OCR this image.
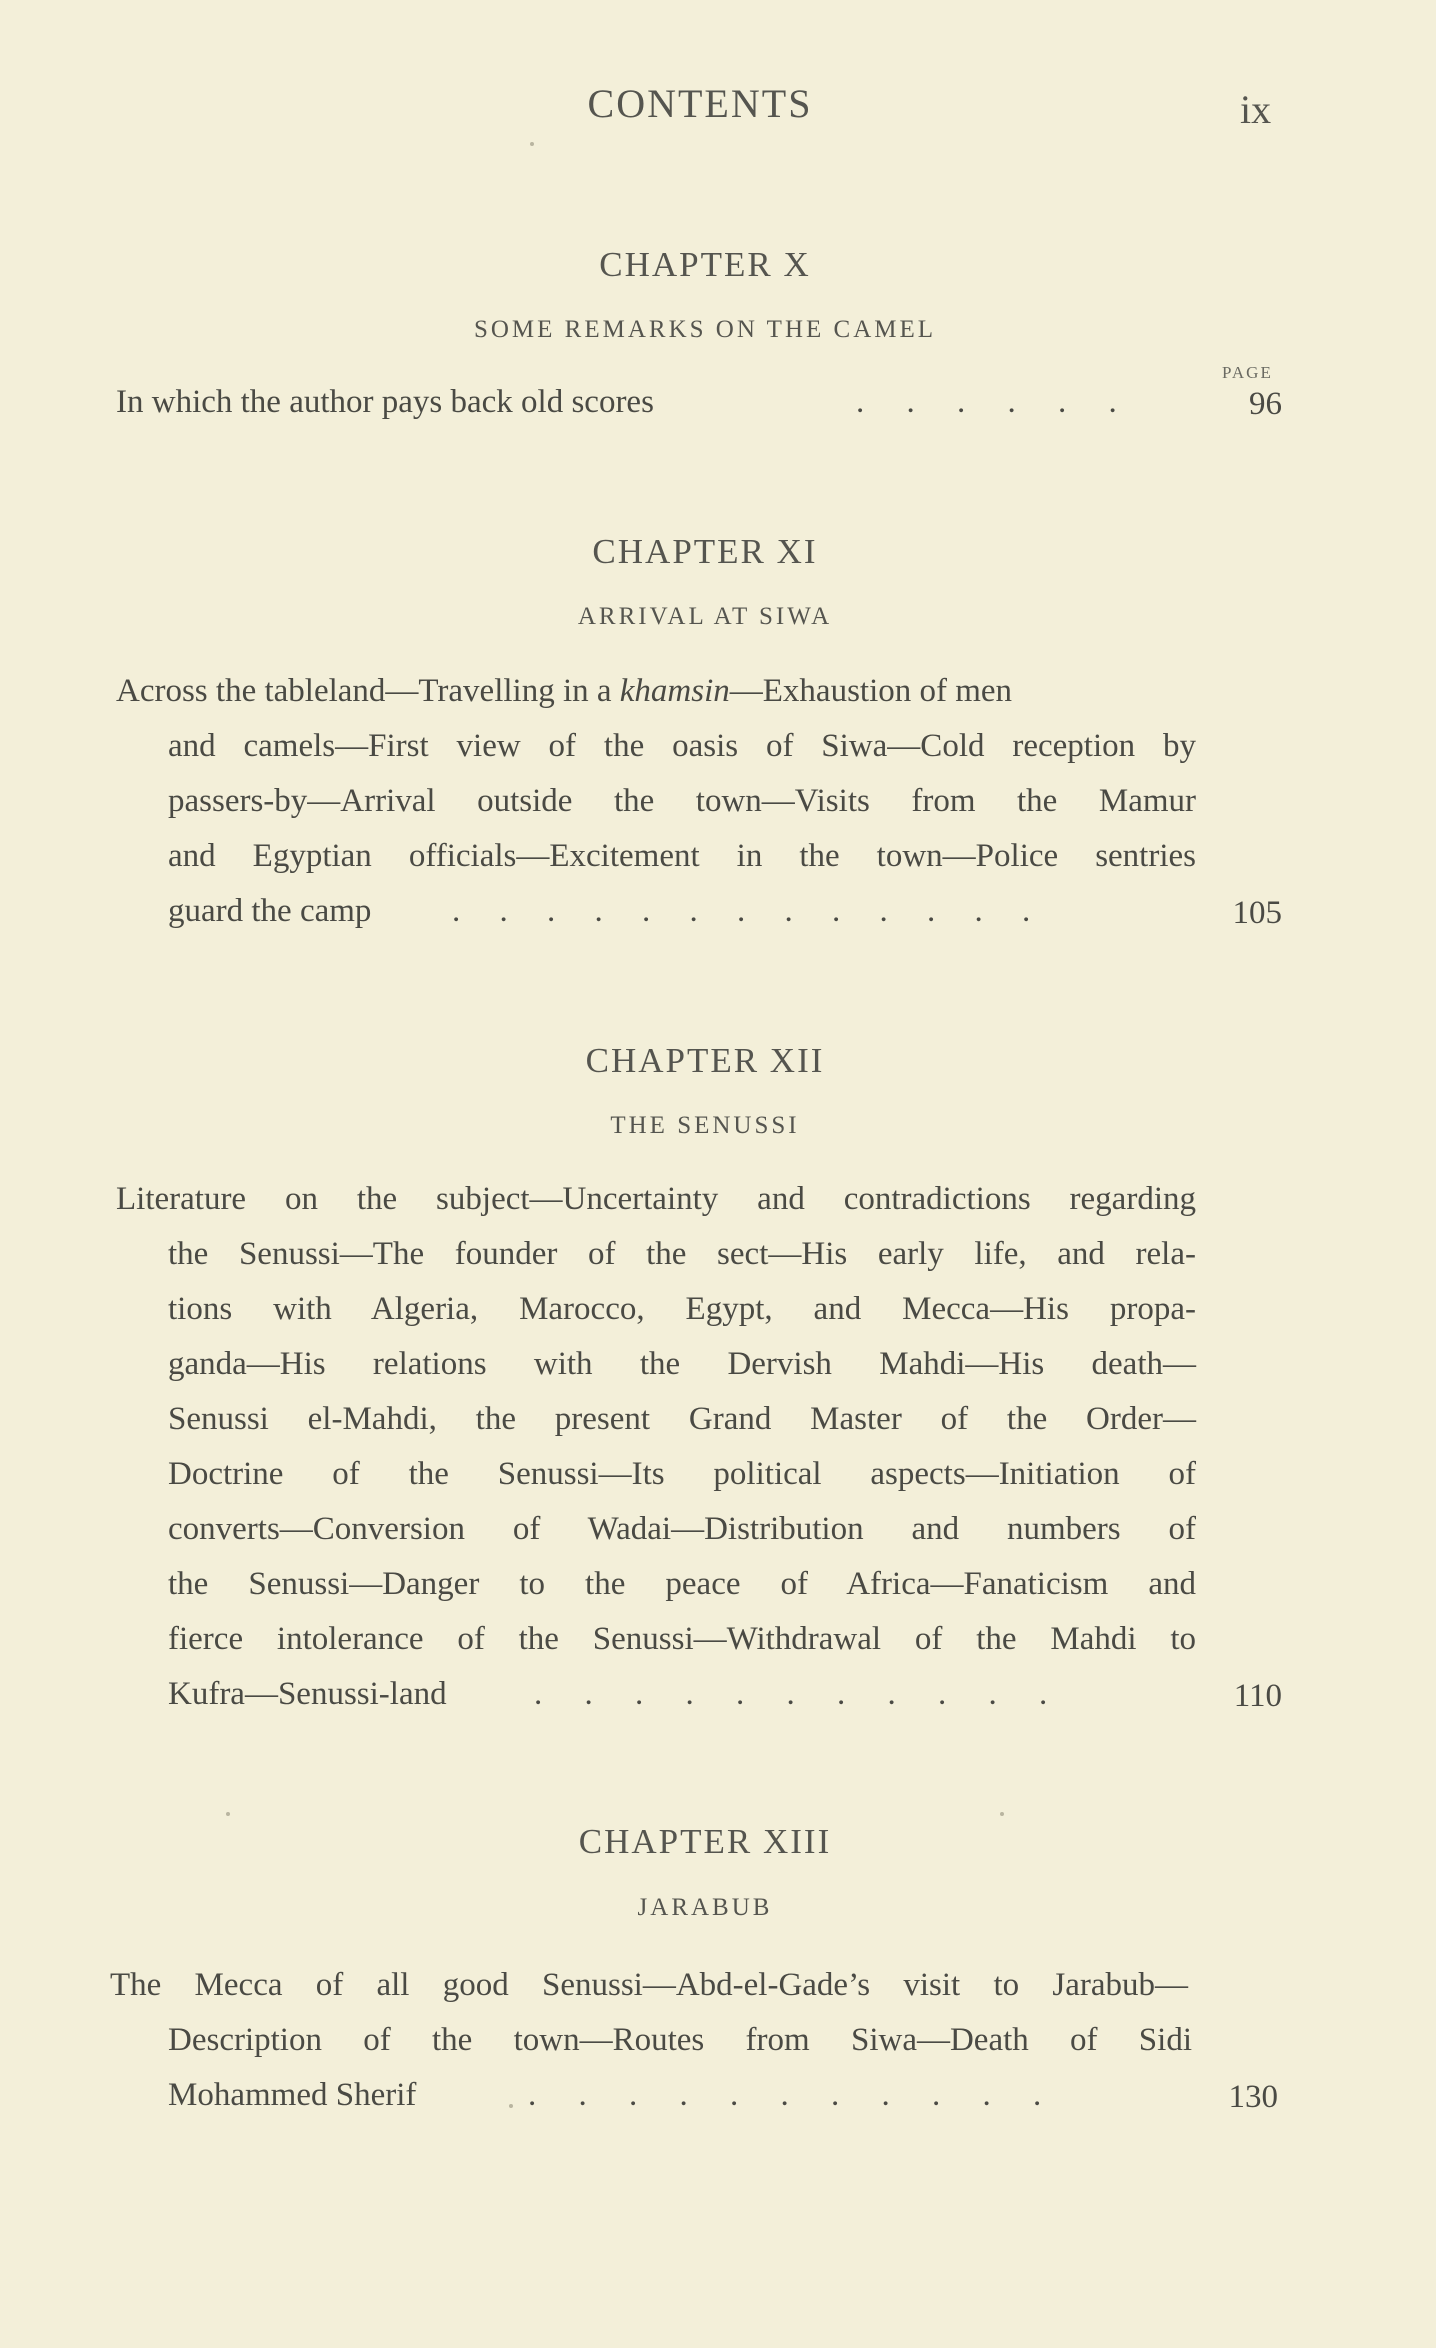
CONTENTS	ix
CHAPTER X
SOME REMARKS ON THE CAMEL
PAGE
In which the author pays back old scores	. . . . . .	96
CHAPTER XI
ARRIVAL AT SIWA
Across the tableland—Travelling in a khamsin—Exhaustion of men
and camels—First view of the oasis of Siwa—Cold reception by
passers-by—Arrival outside the town—Visits from the Mamur
and Egyptian officials—Excitement in the town—Police sentries
guard the camp . . . . . . . . . . . . .	105
CHAPTER XII
THE SENUSSI
Literature on the subject—Uncertainty and contradictions regarding
the Senussi—The founder of the sect—His early life, and rela-
tions with Algeria, Marocco, Egypt, and Mecca—His propa-
ganda—His relations with the Dervish Mahdi—His death—
Senussi el-Mahdi, the present Grand Master of the Order—
Doctrine of the Senussi—Its political aspects—Initiation of
converts—Conversion of Wadai—Distribution and numbers of
the Senussi—Danger to the peace of Africa—Fanaticism and
fierce intolerance of the Senussi—Withdrawal of the Mahdi to
Kufra—Senussi-land	. . . . . . . . . . .	110
CHAPTER XIII
JARABUB
The Mecca of all good Senussi—Abd-el-Gade’s visit to Jarabub—
Description of the town—Routes from Siwa—Death of Sidi
Mohammed Sherif	. . . . . . . . . . .	130
